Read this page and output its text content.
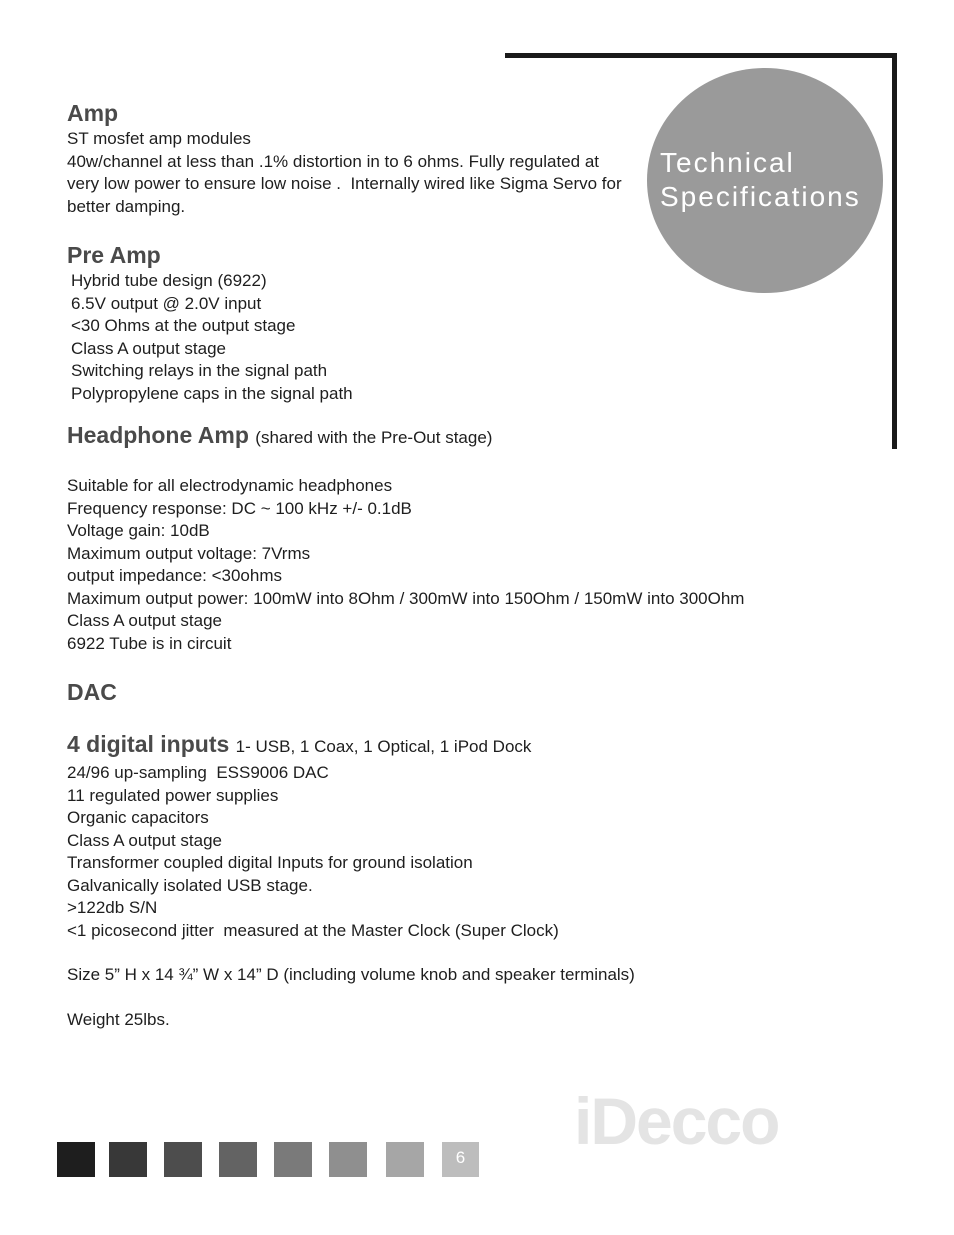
Technical
Specifications
Amp
ST mosfet amp modules
40w/channel at less than .1% distortion in to 6 ohms. Fully regulated at
very low power to ensure low noise .  Internally wired like Sigma Servo for
better damping.
Pre Amp
Hybrid tube design (6922)
6.5V output @ 2.0V input
<30 Ohms at the output stage
Class A output stage
Switching relays in the signal path
Polypropylene caps in the signal path
Headphone Amp (shared with the Pre-Out stage)
Suitable for all electrodynamic headphones
Frequency response: DC ~ 100 kHz +/- 0.1dB
Voltage gain: 10dB
Maximum output voltage: 7Vrms
output impedance: <30ohms
Maximum output power: 100mW into 8Ohm / 300mW into 150Ohm / 150mW into 300Ohm
Class A output stage
6922 Tube is in circuit
DAC
4 digital inputs 1- USB, 1 Coax, 1 Optical, 1 iPod Dock
24/96 up-sampling  ESS9006 DAC
11 regulated power supplies
Organic capacitors
Class A output stage
Transformer coupled digital Inputs for ground isolation
Galvanically isolated USB stage.
>122db S/N
<1 picosecond jitter  measured at the Master Clock (Super Clock)
Size 5” H x 14 ¾” W x 14” D (including volume knob and speaker terminals)
Weight 25lbs.
6 iDecco
